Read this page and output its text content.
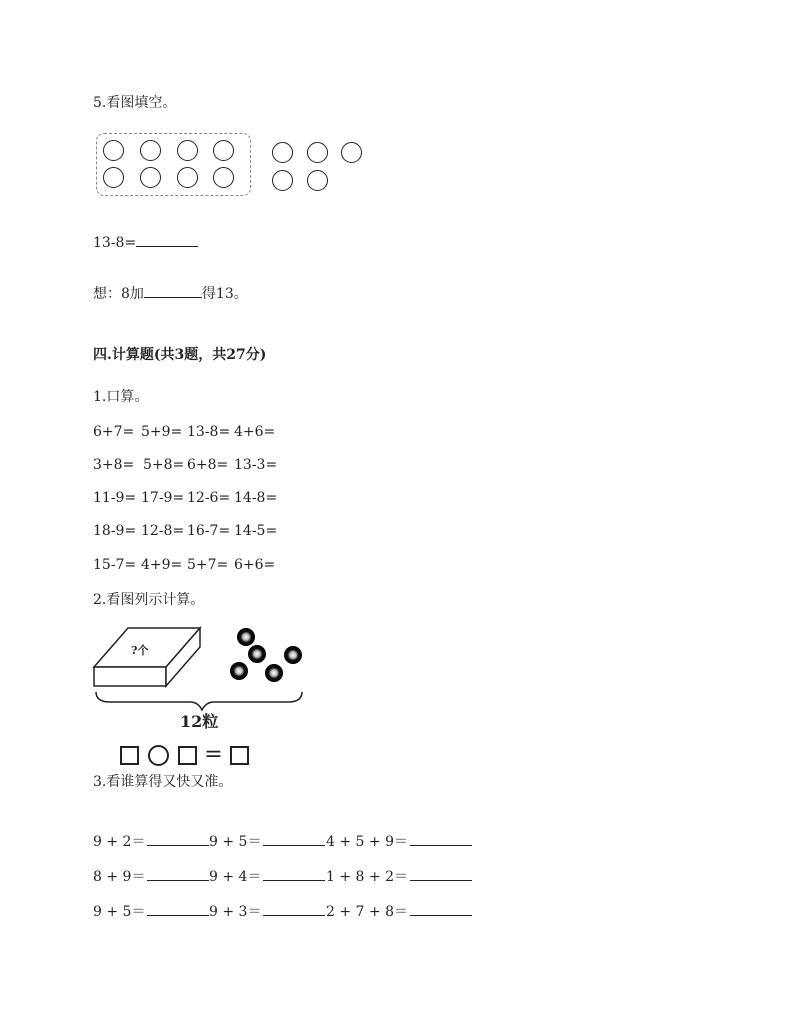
5.看图填空。
13-8=
想：8加	得13。
四.计算题(共3题，共27分)
1.口算。
6+7= 5+9= 13-8= 4+6=
3+8= 5+8= 6+8= 13-3=
11-9= 17-9= 12-6= 14-8=
18-9= 12-8= 16-7= 14-5=
15-7= 4+9= 5+7= 6+6=
2.看图列示计算。
?个
12粒
=
3.看谁算得又快又准。
9 + 2＝	9 + 5＝	4 + 5 + 9＝
8 + 9＝	9 + 4＝	1 + 8 + 2＝
9 + 5＝	9 + 3＝	2 + 7 + 8＝
